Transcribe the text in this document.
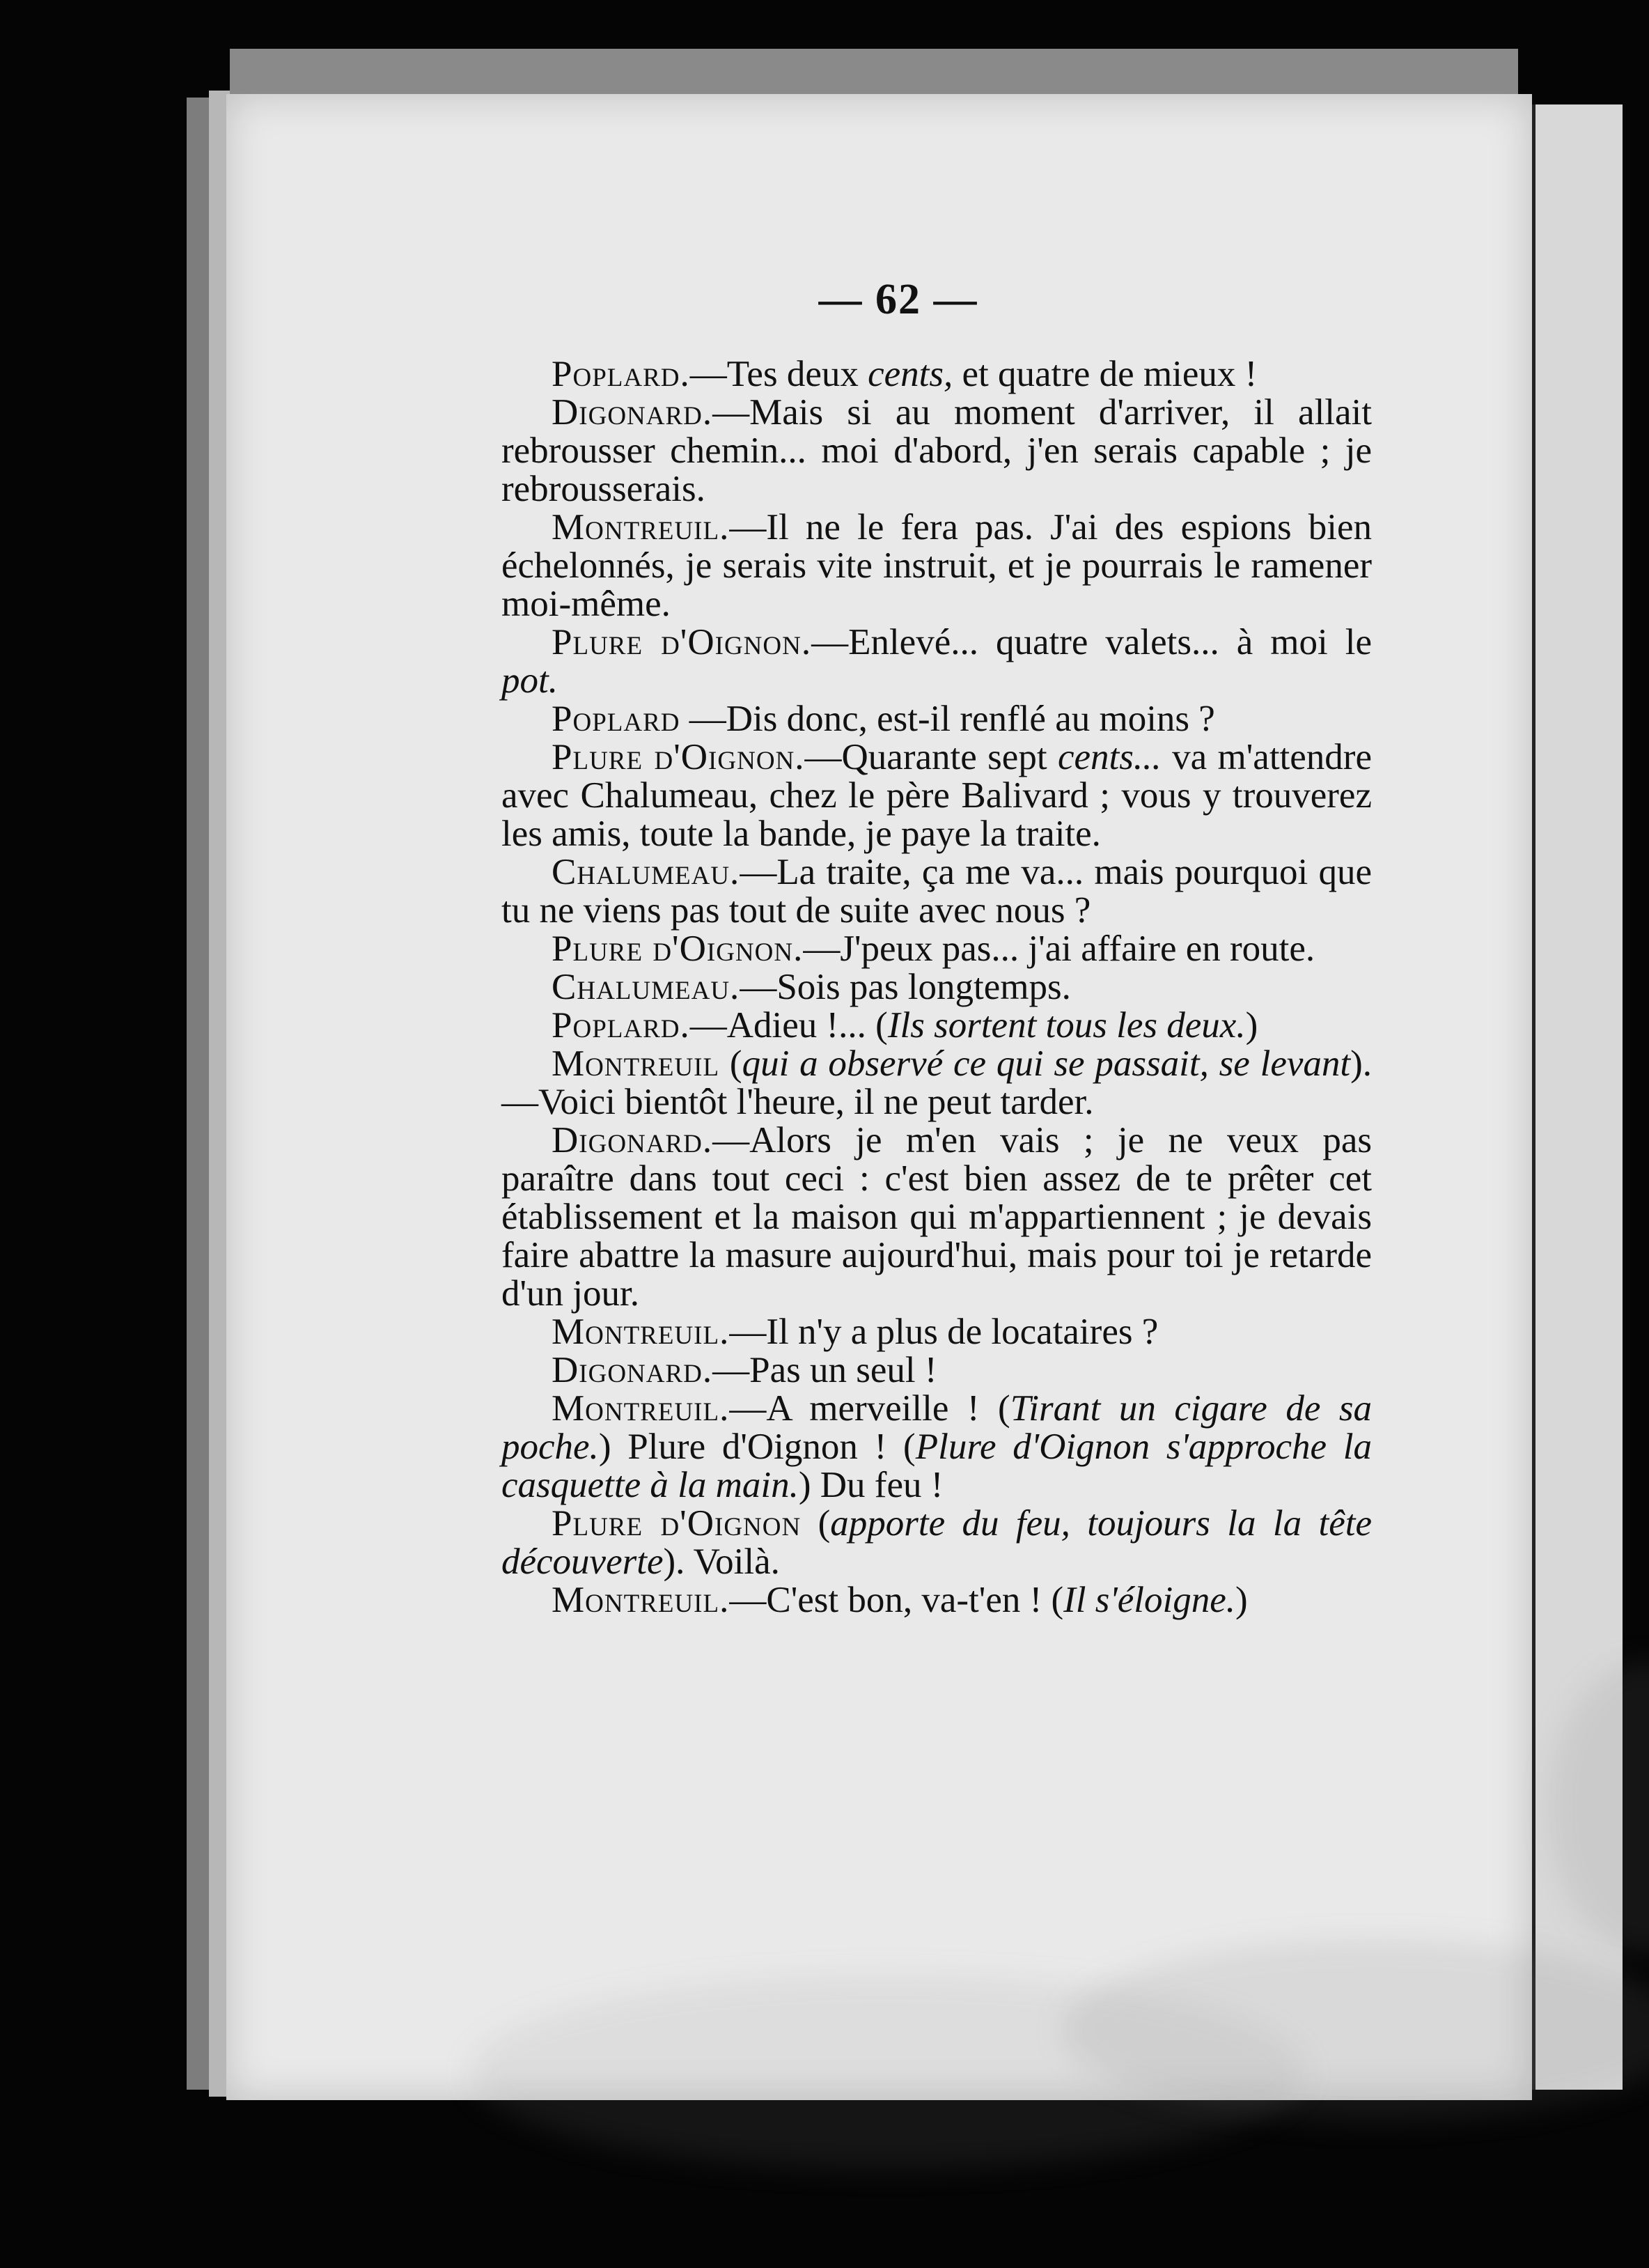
— 62 —

Poplard.—Tes deux cents, et quatre de mieux !

Digonard.—Mais si au moment d'arriver, il allait rebrousser chemin... moi d'abord, j'en serais capable ; je rebrousserais.

Montreuil.—Il ne le fera pas. J'ai des espions bien échelonnés, je serais vite instruit, et je pourrais le ramener moi-même.

Plure d'Oignon.—Enlevé... quatre valets... à moi le pot.

Poplard —Dis donc, est-il renflé au moins ?

Plure d'Oignon.—Quarante sept cents... va m'attendre avec Chalumeau, chez le père Balivard ; vous y trouverez les amis, toute la bande, je paye la traite.

Chalumeau.—La traite, ça me va... mais pourquoi que tu ne viens pas tout de suite avec nous ?

Plure d'Oignon.—J'peux pas... j'ai affaire en route.

Chalumeau.—Sois pas longtemps.

Poplard.—Adieu !... (Ils sortent tous les deux.)

Montreuil (qui a observé ce qui se passait, se levant).—Voici bientôt l'heure, il ne peut tarder.

Digonard.—Alors je m'en vais ; je ne veux pas paraître dans tout ceci : c'est bien assez de te prêter cet établissement et la maison qui m'appartiennent ; je devais faire abattre la masure aujourd'hui, mais pour toi je retarde d'un jour.

Montreuil.—Il n'y a plus de locataires ?

Digonard.—Pas un seul !

Montreuil.—A merveille ! (Tirant un cigare de sa poche.) Plure d'Oignon ! (Plure d'Oignon s'approche la casquette à la main.) Du feu !

Plure d'Oignon (apporte du feu, toujours la la tête découverte). Voilà.

Montreuil.—C'est bon, va-t'en ! (Il s'éloigne.)
